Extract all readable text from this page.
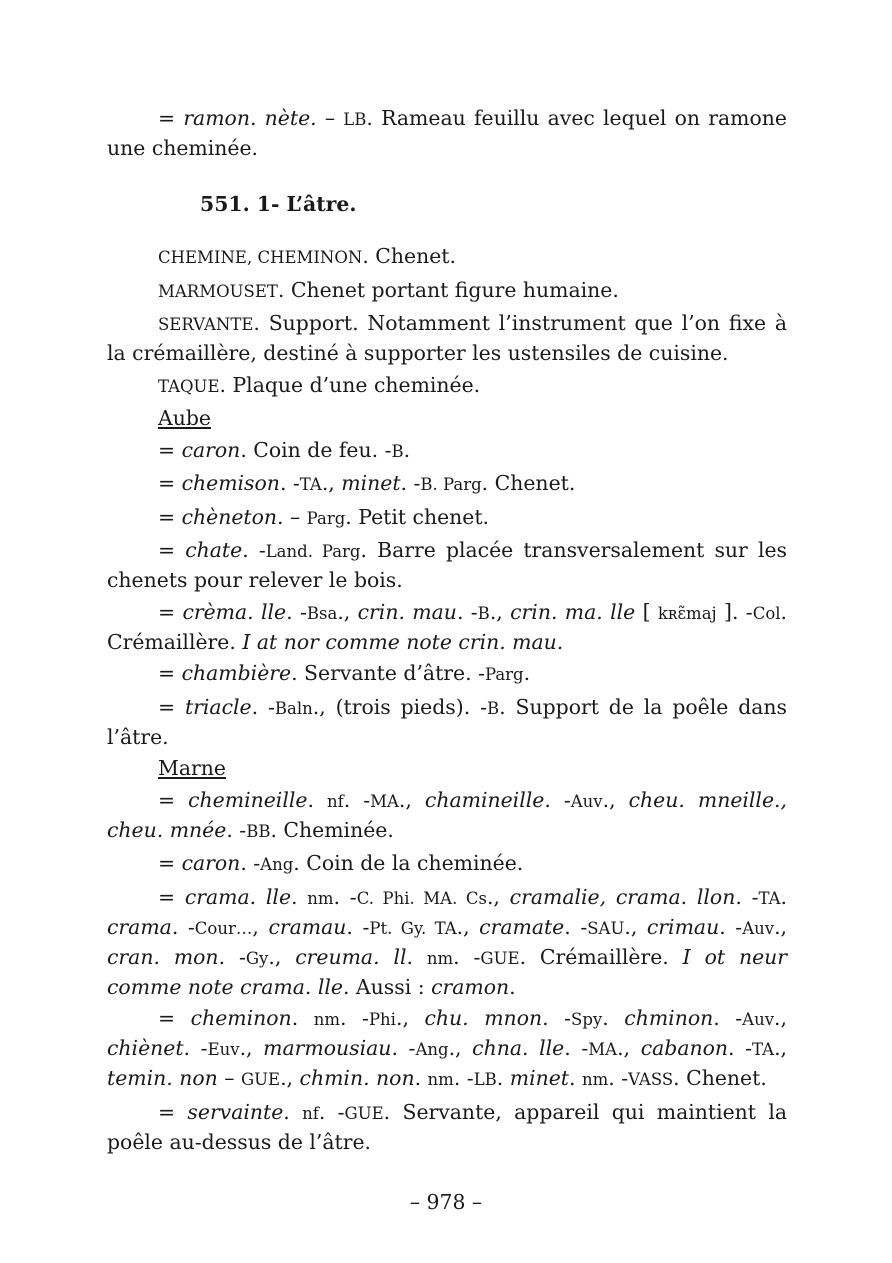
= ramon. nète. – LB. Rameau feuillu avec lequel on ramone une cheminée.

551. 1- L’âtre.

CHEMINE, CHEMINON. Chenet.

MARMOUSET. Chenet portant figure humaine.

SERVANTE. Support. Notamment l’instrument que l’on fixe à la crémaillère, destiné à supporter les ustensiles de cuisine.

TAQUE. Plaque d’une cheminée.

Aube

= caron. Coin de feu. -B.

= chemison. -TA., minet. -B. Parg. Chenet.

= chèneton. – Parg. Petit chenet.

= chate. -Land. Parg. Barre placée transversalement sur les chenets pour relever le bois.

= crèma. lle. -Bsa., crin. mau. -B., crin. ma. lle [ kʀɛ̃maj ]. -Col. Crémaillère. I at nor comme note crin. mau.

= chambière. Servante d’âtre. -Parg.

= triacle. -Baln., (trois pieds). -B. Support de la poêle dans l’âtre.

Marne

= chemineille. nf. -MA., chamineille. -Auv., cheu. mneille., cheu. mnée. -BB. Cheminée.

= caron. -Ang. Coin de la cheminée.

= crama. lle. nm. -C. Phi. MA. Cs., cramalie, crama. llon. -TA. crama. -Cour…, cramau. -Pt. Gy. TA., cramate. -SAU., crimau. -Auv., cran. mon. -Gy., creuma. ll. nm. -GUE. Crémaillère. I ot neur comme note crama. lle. Aussi : cramon.

= cheminon. nm. -Phi., chu. mnon. -Spy. chminon. -Auv., chiènet. -Euv., marmousiau. -Ang., chna. lle. -MA., cabanon. -TA., temin. non – GUE., chmin. non. nm. -LB. minet. nm. -VASS. Chenet.

= servainte. nf. -GUE. Servante, appareil qui maintient la poêle au-dessus de l’âtre.

– 978 –
